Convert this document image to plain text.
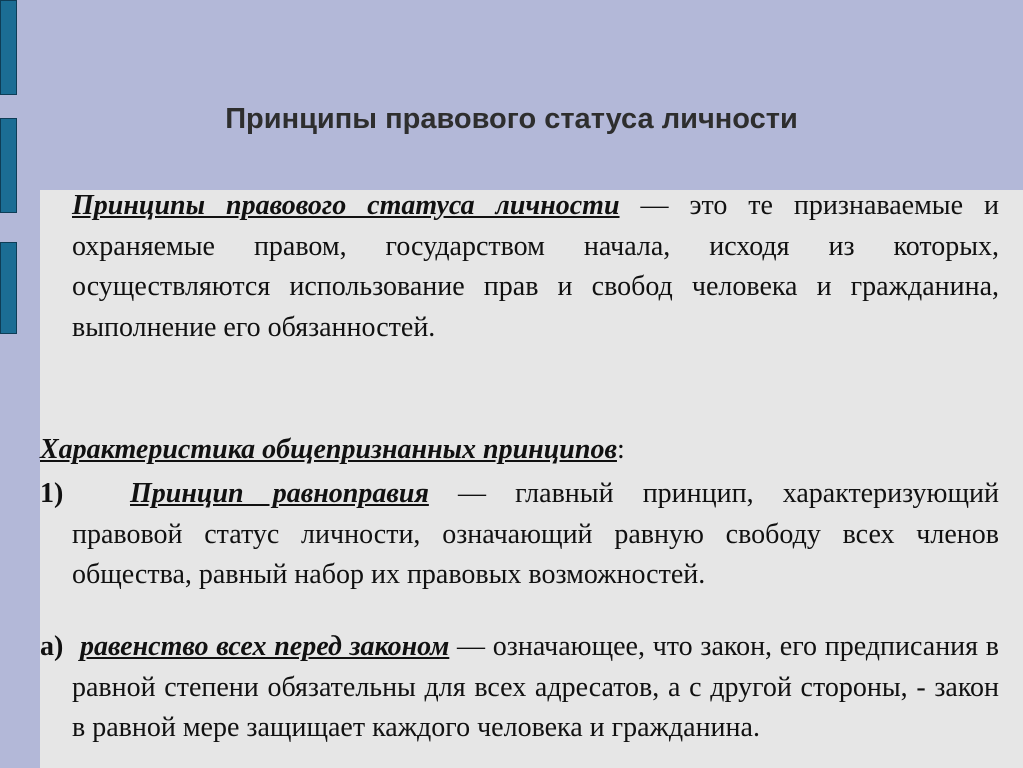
Принципы правового статуса личности
Принципы правового статуса личности — это те признаваемые и охраняемые правом, государством начала, исходя из которых, осуществляются использование прав и свобод человека и гражданина, выполнение его обязанностей.
Характеристика общепризнанных принципов:
1)	Принцип равноправия — главный принцип, характеризующий правовой статус личности, означающий равную свободу всех членов общества, равный набор их правовых возможностей.
а) равенство всех перед законом — означающее, что закон, его предписания в равной степени обязательны для всех адресатов, а с другой стороны, - закон в равной мере защищает каждого человека и гражданина.
